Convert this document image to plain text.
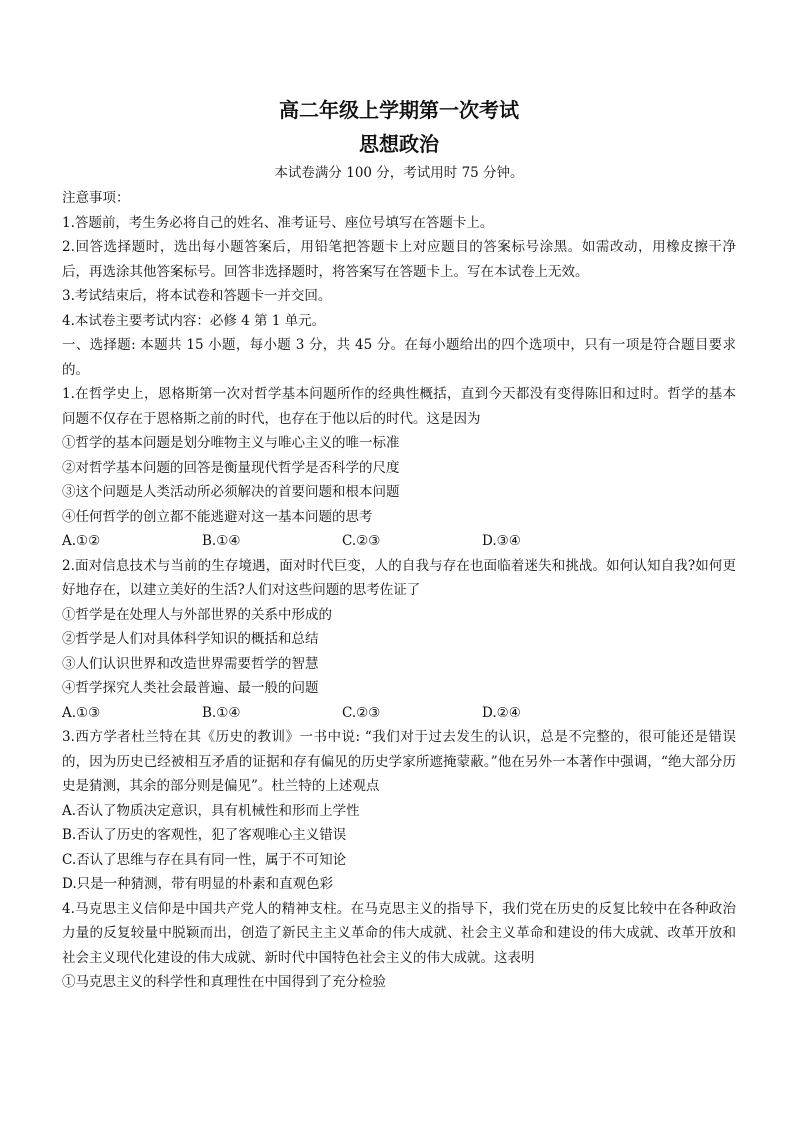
高二年级上学期第一次考试
思想政治
本试卷满分 100 分，考试用时 75 分钟。

注意事项：

1.答题前，考生务必将自己的姓名、准考证号、座位号填写在答题卡上。

2.回答选择题时，选出每小题答案后，用铅笔把答题卡上对应题目的答案标号涂黑。如需改动，用橡皮擦干净后，再选涂其他答案标号。回答非选择题时，将答案写在答题卡上。写在本试卷上无效。

3.考试结束后，将本试卷和答题卡一并交回。

4.本试卷主要考试内容：必修 4 第 1 单元。

一、选择题: 本题共 15 小题，每小题 3 分，共 45 分。在每小题给出的四个选项中，只有一项是符合题目要求的。

1.在哲学史上，恩格斯第一次对哲学基本问题所作的经典性概括，直到今天都没有变得陈旧和过时。哲学的基本问题不仅存在于恩格斯之前的时代，也存在于他以后的时代。这是因为

①哲学的基本问题是划分唯物主义与唯心主义的唯一标准

②对哲学基本问题的回答是衡量现代哲学是否科学的尺度

③这个问题是人类活动所必须解决的首要问题和根本问题

④任何哲学的创立都不能逃避对这一基本问题的思考

A.①②	B.①④	C.②③	D.③④

2.面对信息技术与当前的生存境遇，面对时代巨变，人的自我与存在也面临着迷失和挑战。如何认知自我?如何更好地存在，以建立美好的生活?人们对这些问题的思考佐证了

①哲学是在处理人与外部世界的关系中形成的

②哲学是人们对具体科学知识的概括和总结

③人们认识世界和改造世界需要哲学的智慧

④哲学探究人类社会最普遍、最一般的问题

A.①③	B.①④	C.②③	D.②④

3.西方学者杜兰特在其《历史的教训》一书中说: “我们对于过去发生的认识，总是不完整的，很可能还是错误的，因为历史已经被相互矛盾的证据和存有偏见的历史学家所遮掩蒙蔽。”他在另外一本著作中强调，“绝大部分历史是猜测，其余的部分则是偏见”。杜兰特的上述观点

A.否认了物质决定意识，具有机械性和形而上学性

B.否认了历史的客观性，犯了客观唯心主义错误

C.否认了思维与存在具有同一性，属于不可知论

D.只是一种猜测，带有明显的朴素和直观色彩

4.马克思主义信仰是中国共产党人的精神支柱。在马克思主义的指导下，我们党在历史的反复比较中在各种政治力量的反复较量中脱颖而出，创造了新民主主义革命的伟大成就、社会主义革命和建设的伟大成就、改革开放和社会主义现代化建设的伟大成就、新时代中国特色社会主义的伟大成就。这表明

①马克思主义的科学性和真理性在中国得到了充分检验
